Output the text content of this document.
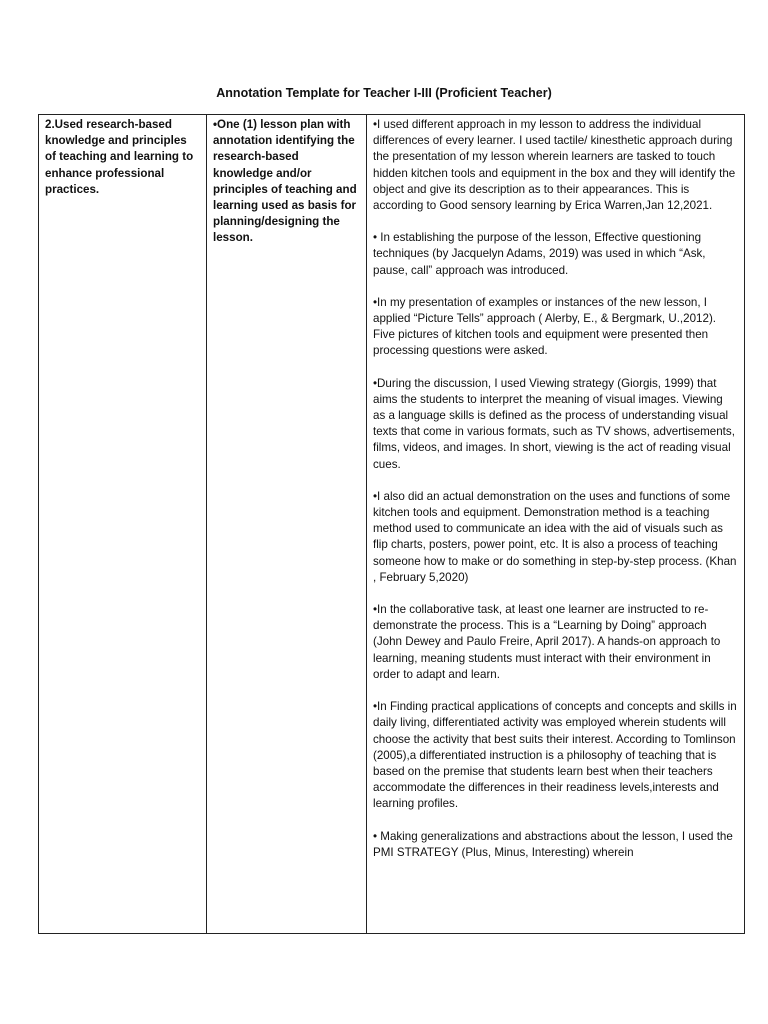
Annotation Template for Teacher I-III (Proficient Teacher)
2.Used research-based knowledge and principles of teaching and learning to enhance professional practices.
•One (1) lesson plan with annotation identifying the research-based knowledge and/or principles of teaching and learning used as basis for planning/designing the lesson.

•I used different approach in my lesson to address the individual differences of every learner. I used tactile/ kinesthetic approach during the presentation of my lesson wherein learners are tasked to touch hidden kitchen tools and equipment in the box and they will identify the object and give its description as to their appearances. This is according to Good sensory learning by Erica Warren,Jan 12,2021.

• In establishing the purpose of the lesson, Effective questioning techniques (by Jacquelyn Adams, 2019) was used in which “Ask, pause, call” approach was introduced.

•In my presentation of examples or instances of the new lesson, I applied “Picture Tells” approach ( Alerby, E., & Bergmark, U.,2012). Five pictures of kitchen tools and equipment were presented then processing questions were asked.

•During the discussion, I used Viewing strategy (Giorgis, 1999) that aims the students to interpret the meaning of visual images. Viewing as a language skills is defined as the process of understanding visual texts that come in various formats, such as TV shows, advertisements, films, videos, and images. In short, viewing is the act of reading visual cues.

•I also did an actual demonstration on the uses and functions of some kitchen tools and equipment. Demonstration method is a teaching method used to communicate an idea with the aid of visuals such as flip charts, posters, power point, etc. It is also a process of teaching someone how to make or do something in step-by-step process. (Khan , February 5,2020)

•In the collaborative task, at least one learner are instructed to re-demonstrate the process. This is a “Learning by Doing” approach (John Dewey and Paulo Freire, April 2017). A hands-on approach to learning, meaning students must interact with their environment in order to adapt and learn.

•In Finding practical applications of concepts and concepts and skills in daily living, differentiated activity was employed wherein students will choose the activity that best suits their interest. According to Tomlinson (2005),a differentiated instruction is a philosophy of teaching that is based on the premise that students learn best when their teachers accommodate the differences in their readiness levels,interests and learning profiles.

• Making generalizations and abstractions about the lesson, I used the PMI STRATEGY (Plus, Minus, Interesting) wherein
